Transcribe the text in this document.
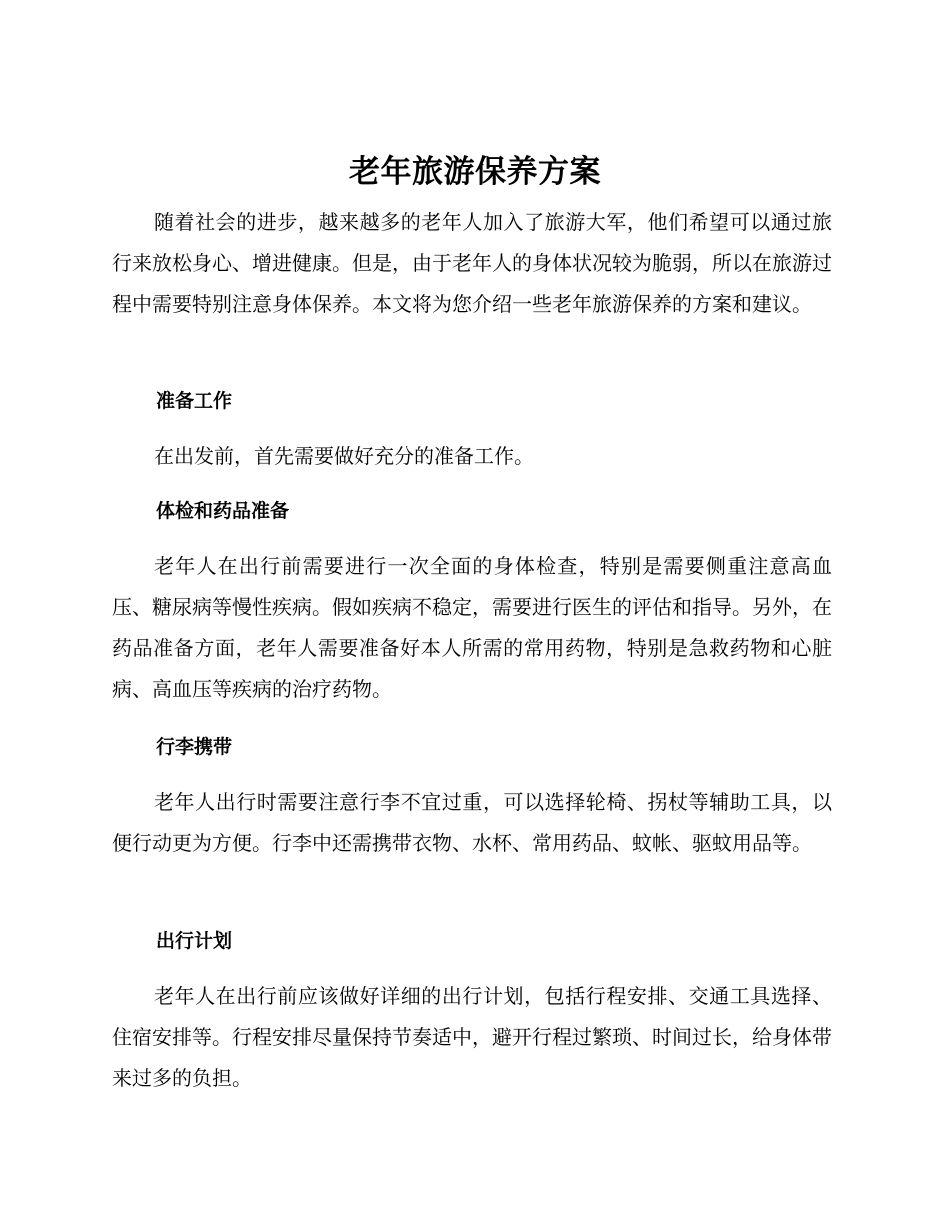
老年旅游保养方案

随着社会的进步，越来越多的老年人加入了旅游大军，他们希望可以通过旅行来放松身心、增进健康。但是，由于老年人的身体状况较为脆弱，所以在旅游过程中需要特别注意身体保养。本文将为您介绍一些老年旅游保养的方案和建议。

准备工作

在出发前，首先需要做好充分的准备工作。

体检和药品准备

老年人在出行前需要进行一次全面的身体检查，特别是需要侧重注意高血压、糖尿病等慢性疾病。假如疾病不稳定，需要进行医生的评估和指导。另外，在药品准备方面，老年人需要准备好本人所需的常用药物，特别是急救药物和心脏病、高血压等疾病的治疗药物。

行李携带

老年人出行时需要注意行李不宜过重，可以选择轮椅、拐杖等辅助工具，以便行动更为方便。行李中还需携带衣物、水杯、常用药品、蚊帐、驱蚊用品等。

出行计划

老年人在出行前应该做好详细的出行计划，包括行程安排、交通工具选择、住宿安排等。行程安排尽量保持节奏适中，避开行程过繁琐、时间过长，给身体带来过多的负担。
